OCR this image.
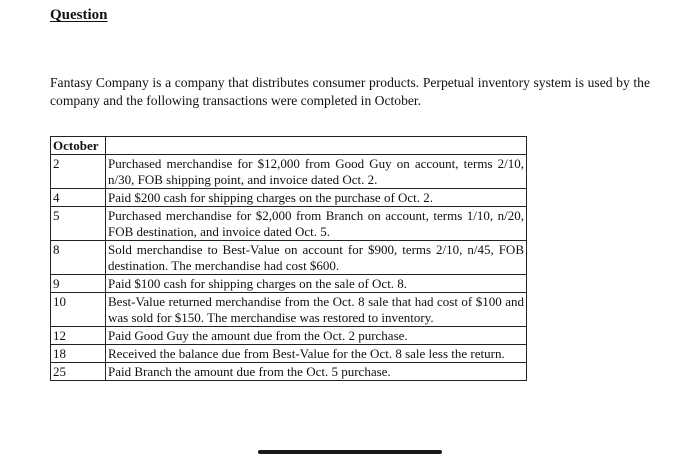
Question
Fantasy Company is a company that distributes consumer products. Perpetual inventory system is used by the company and the following transactions were completed in October.
October	
2	Purchased merchandise for $12,000 from Good Guy on account, terms 2/10, n/30, FOB shipping point, and invoice dated Oct. 2.
4	Paid $200 cash for shipping charges on the purchase of Oct. 2.
5	Purchased merchandise for $2,000 from Branch on account, terms 1/10, n/20, FOB destination, and invoice dated Oct. 5.
8	Sold merchandise to Best-Value on account for $900, terms 2/10, n/45, FOB destination. The merchandise had cost $600.
9	Paid $100 cash for shipping charges on the sale of Oct. 8.
10	Best-Value returned merchandise from the Oct. 8 sale that had cost of $100 and was sold for $150. The merchandise was restored to inventory.
12	Paid Good Guy the amount due from the Oct. 2 purchase.
18	Received the balance due from Best-Value for the Oct. 8 sale less the return.
25	Paid Branch the amount due from the Oct. 5 purchase.
